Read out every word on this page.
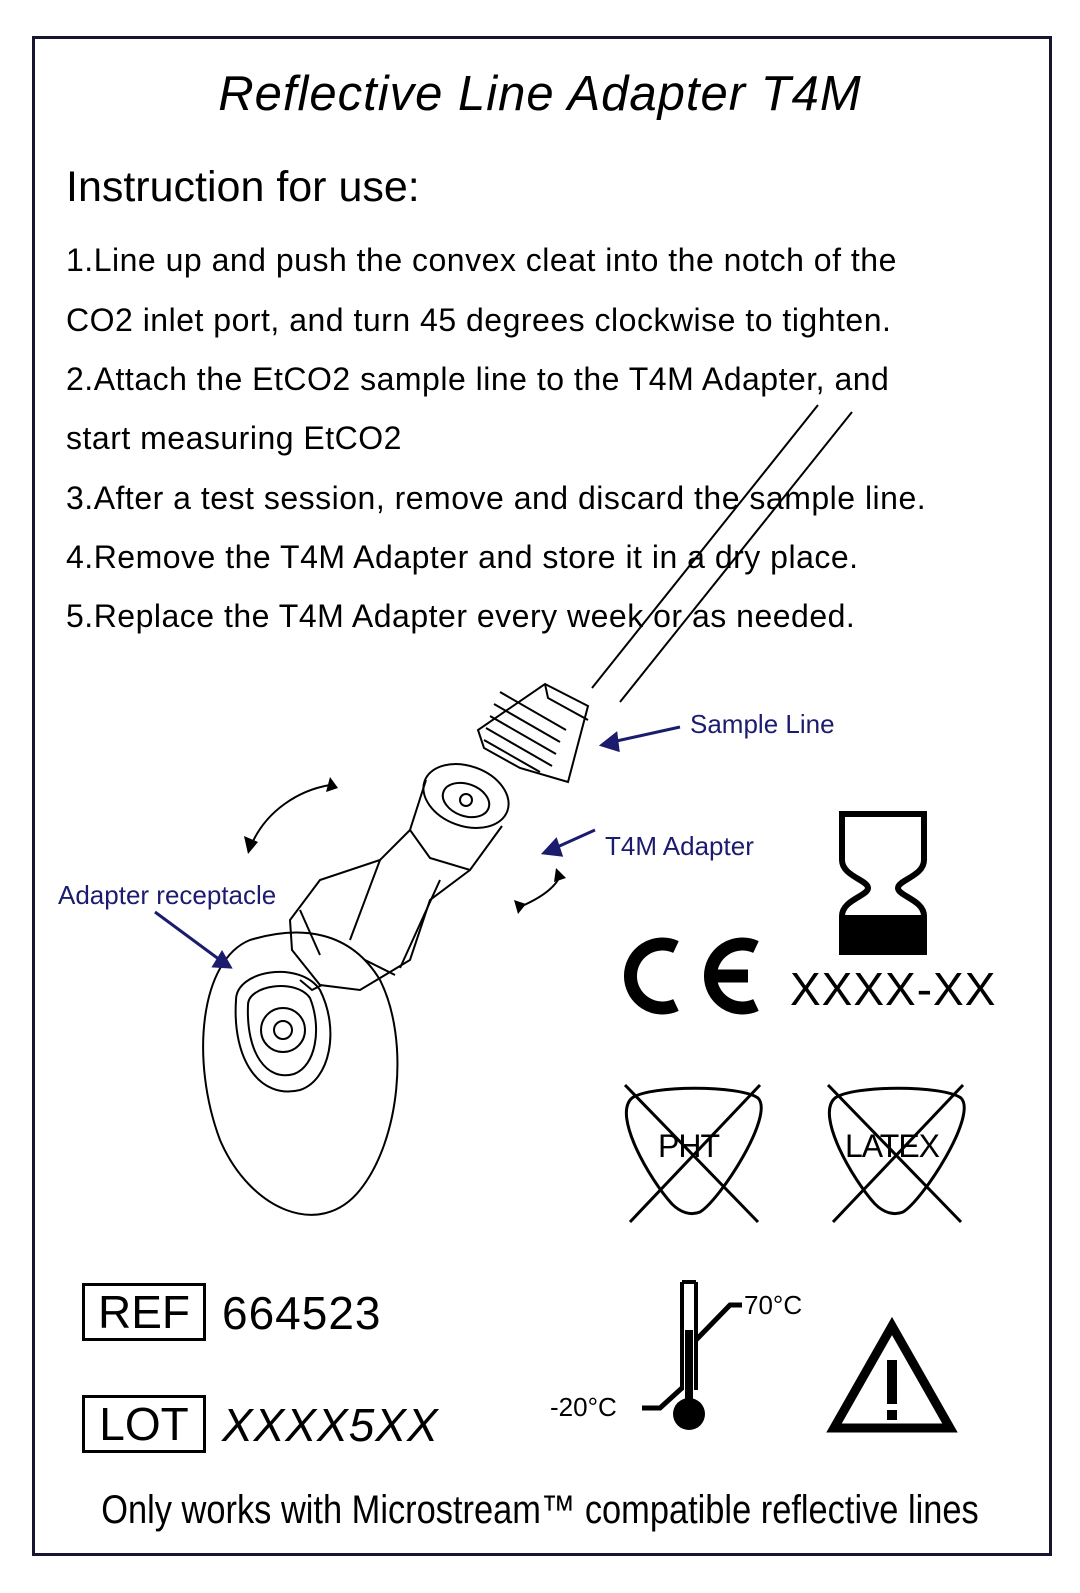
Reflective Line Adapter T4M
Instruction for use:
1.Line up and push the convex cleat into the notch of the
CO2 inlet port, and turn 45 degrees clockwise to tighten.
2.Attach the EtCO2 sample line to the T4M Adapter, and
start measuring EtCO2
3.After a test session, remove and discard the sample line.
4.Remove the T4M Adapter and store it in a dry place.
5.Replace the T4M Adapter every week or as needed.
Sample Line
T4M Adapter
Adapter receptacle
XXXX-XX
PHT	LATEX
70°C
-20°C
REF 664523
LOT XXXX5XX
Only works with Microstream™ compatible reflective lines
